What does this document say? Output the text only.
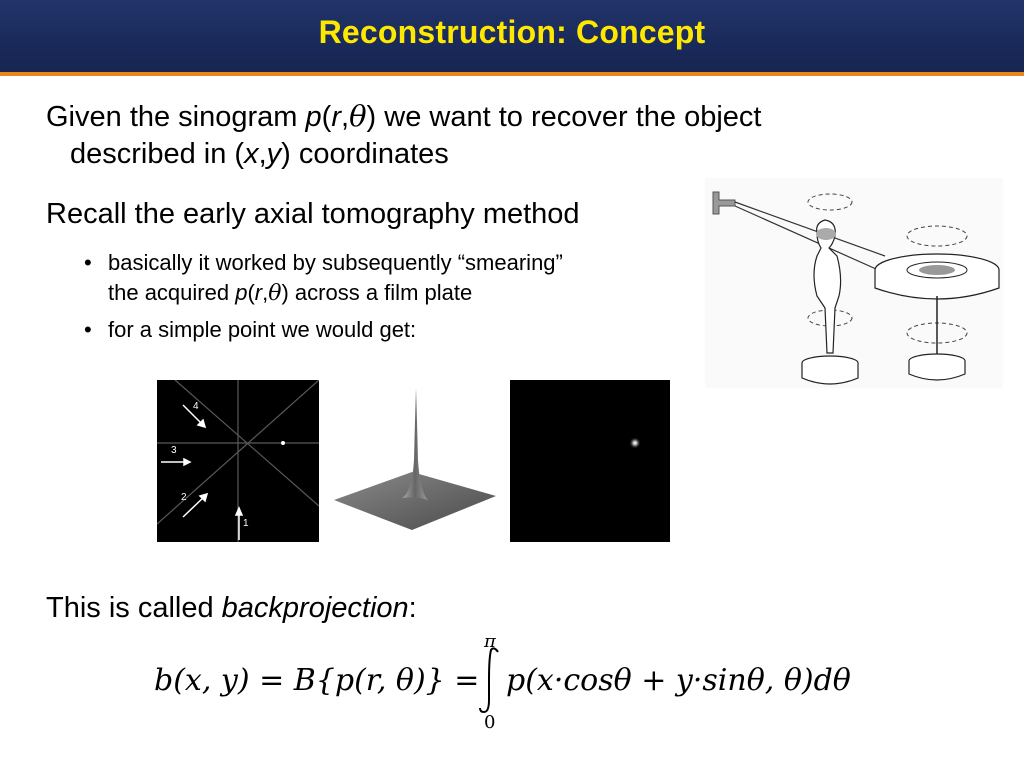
Reconstruction: Concept
Given the sinogram p(r,θ) we want to recover the object
described in (x,y) coordinates
Recall the early axial tomography method
• basically it worked by subsequently “smearing”
the acquired p(r,θ) across a film plate
• for a simple point we would get:
4
3
2
1
This is called backprojection:
b(x, y) = B{p(r, θ)} =
π
0
p(x·cosθ + y·sinθ, θ)dθ
